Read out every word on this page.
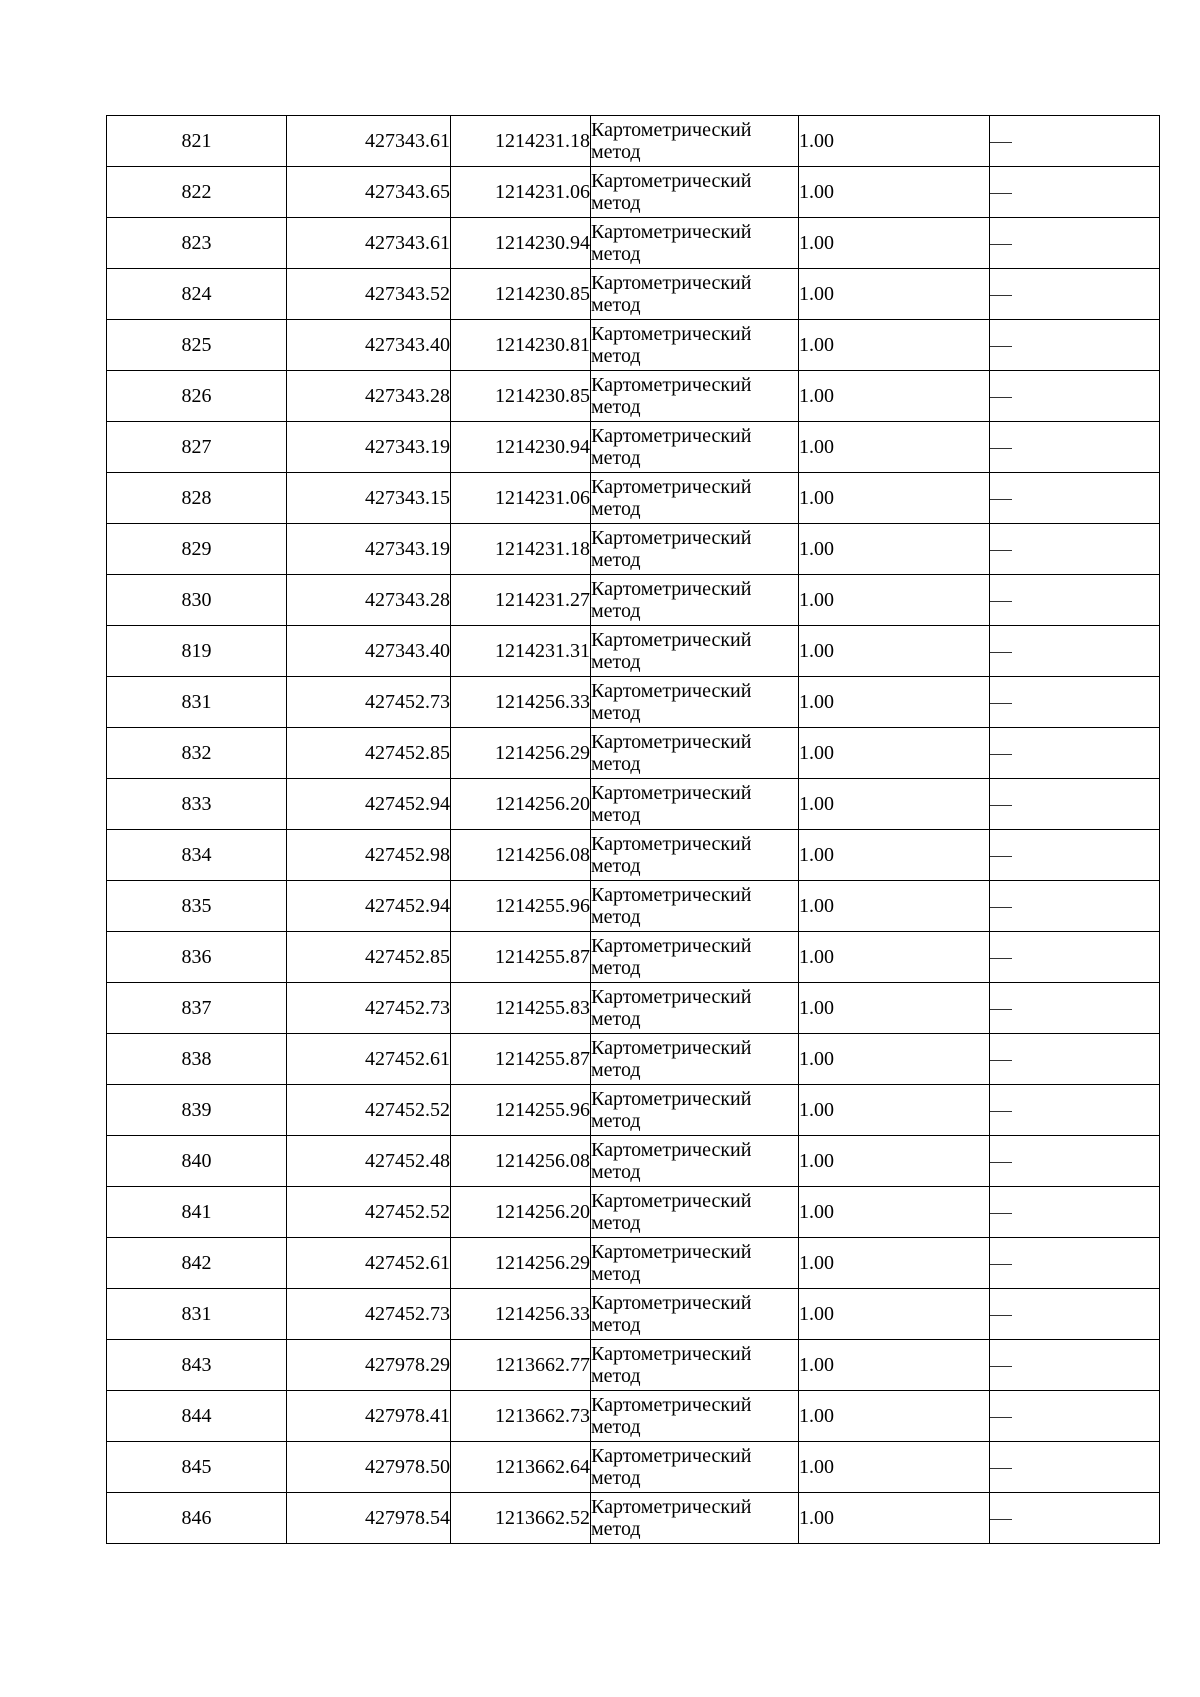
821	427343.61	1214231.18	Картометрический метод	1.00	

822	427343.65	1214231.06	Картометрический метод	1.00	

823	427343.61	1214230.94	Картометрический метод	1.00	

824	427343.52	1214230.85	Картометрический метод	1.00	

825	427343.40	1214230.81	Картометрический метод	1.00	

826	427343.28	1214230.85	Картометрический метод	1.00	

827	427343.19	1214230.94	Картометрический метод	1.00	

828	427343.15	1214231.06	Картометрический метод	1.00	

829	427343.19	1214231.18	Картометрический метод	1.00	

830	427343.28	1214231.27	Картометрический метод	1.00	

819	427343.40	1214231.31	Картометрический метод	1.00	

831	427452.73	1214256.33	Картометрический метод	1.00	

832	427452.85	1214256.29	Картометрический метод	1.00	

833	427452.94	1214256.20	Картометрический метод	1.00	

834	427452.98	1214256.08	Картометрический метод	1.00	

835	427452.94	1214255.96	Картометрический метод	1.00	

836	427452.85	1214255.87	Картометрический метод	1.00	

837	427452.73	1214255.83	Картометрический метод	1.00	

838	427452.61	1214255.87	Картометрический метод	1.00	

839	427452.52	1214255.96	Картометрический метод	1.00	

840	427452.48	1214256.08	Картометрический метод	1.00	

841	427452.52	1214256.20	Картометрический метод	1.00	

842	427452.61	1214256.29	Картометрический метод	1.00	

831	427452.73	1214256.33	Картометрический метод	1.00	

843	427978.29	1213662.77	Картометрический метод	1.00	

844	427978.41	1213662.73	Картометрический метод	1.00	

845	427978.50	1213662.64	Картометрический метод	1.00	

846	427978.54	1213662.52	Картометрический метод	1.00	
